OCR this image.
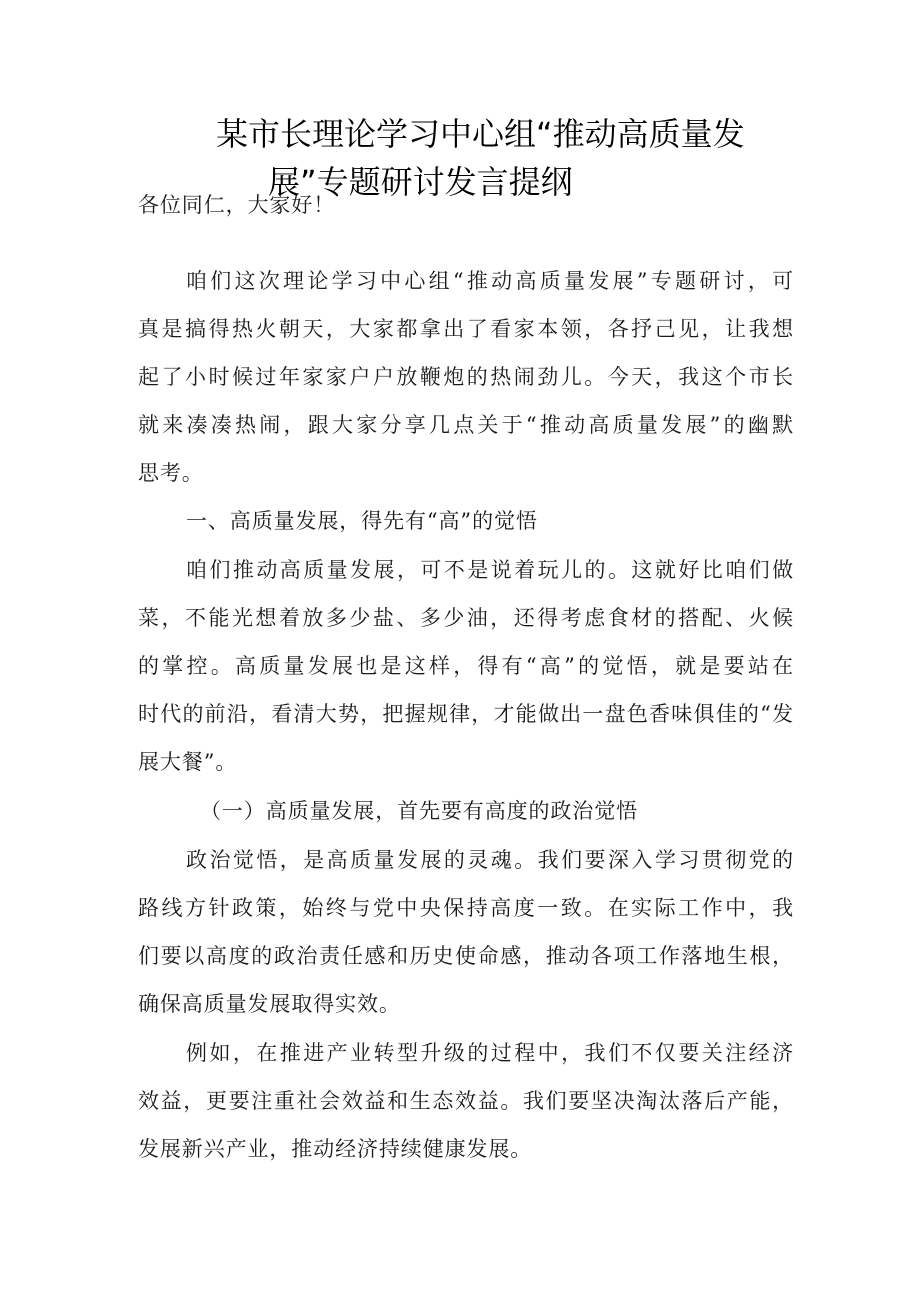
某市长理论学习中心组“推动高质量发
展”专题研讨发言提纲
各位同仁，大家好！
咱们这次理论学习中心组“推动高质量发展”专题研讨，可
真是搞得热火朝天，大家都拿出了看家本领，各抒己见，让我想
起了小时候过年家家户户放鞭炮的热闹劲儿。今天，我这个市长
就来凑凑热闹，跟大家分享几点关于“推动高质量发展”的幽默
思考。
一、高质量发展，得先有“高”的觉悟
咱们推动高质量发展，可不是说着玩儿的。这就好比咱们做
菜，不能光想着放多少盐、多少油，还得考虑食材的搭配、火候
的掌控。高质量发展也是这样，得有“高”的觉悟，就是要站在
时代的前沿，看清大势，把握规律，才能做出一盘色香味俱佳的“发
展大餐”。
（一）高质量发展，首先要有高度的政治觉悟
政治觉悟，是高质量发展的灵魂。我们要深入学习贯彻党的
路线方针政策，始终与党中央保持高度一致。在实际工作中，我
们要以高度的政治责任感和历史使命感，推动各项工作落地生根，
确保高质量发展取得实效。
例如，在推进产业转型升级的过程中，我们不仅要关注经济
效益，更要注重社会效益和生态效益。我们要坚决淘汰落后产能，
发展新兴产业，推动经济持续健康发展。
